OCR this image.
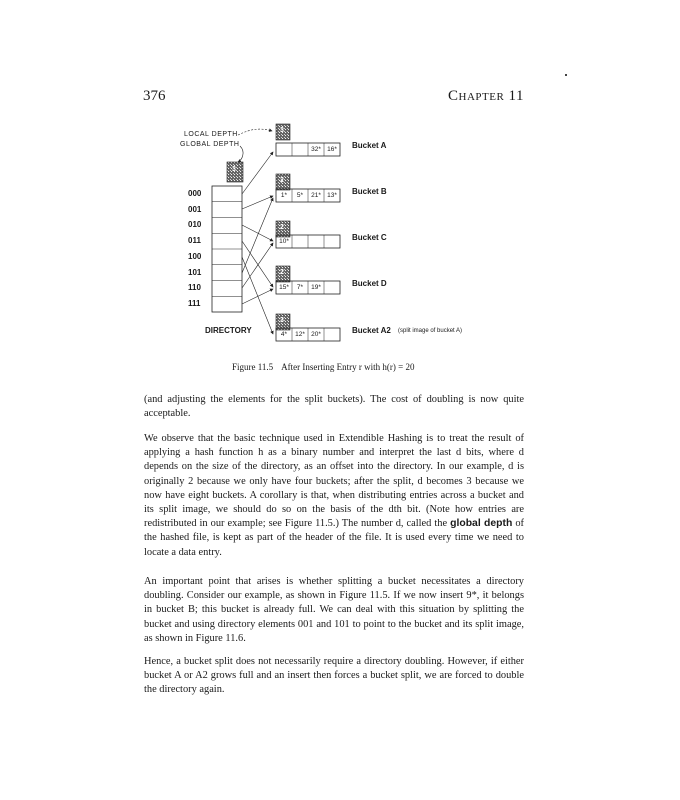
376	Chapter 11
LOCAL DEPTH
GLOBAL DEPTH
3
000
001
010
011
100
101
110
111
DIRECTORY
3
32* 16*	Bucket A
2
1*	5*	21* 13*	Bucket B
2
10*	Bucket C
2
15*	7*	19*	Bucket D
3
4*	12* 20*	Bucket A2 (split image of bucket A)
Figure 11.5 After Inserting Entry r with h(r) = 20

(and adjusting the elements for the split buckets). The cost of doubling is now quite acceptable.

We observe that the basic technique used in Extendible Hashing is to treat the result of applying a hash function h as a binary number and interpret the last d bits, where d depends on the size of the directory, as an offset into the directory. In our example, d is originally 2 because we only have four buckets; after the split, d becomes 3 because we now have eight buckets. A corollary is that, when distributing entries across a bucket and its split image, we should do so on the basis of the dth bit. (Note how entries are redistributed in our example; see Figure 11.5.) The number d, called the global depth of the hashed file, is kept as part of the header of the file. It is used every time we need to locate a data entry.

An important point that arises is whether splitting a bucket necessitates a directory doubling. Consider our example, as shown in Figure 11.5. If we now insert 9*, it belongs in bucket B; this bucket is already full. We can deal with this situation by splitting the bucket and using directory elements 001 and 101 to point to the bucket and its split image, as shown in Figure 11.6.

Hence, a bucket split does not necessarily require a directory doubling. However, if either bucket A or A2 grows full and an insert then forces a bucket split, we are forced to double the directory again.
